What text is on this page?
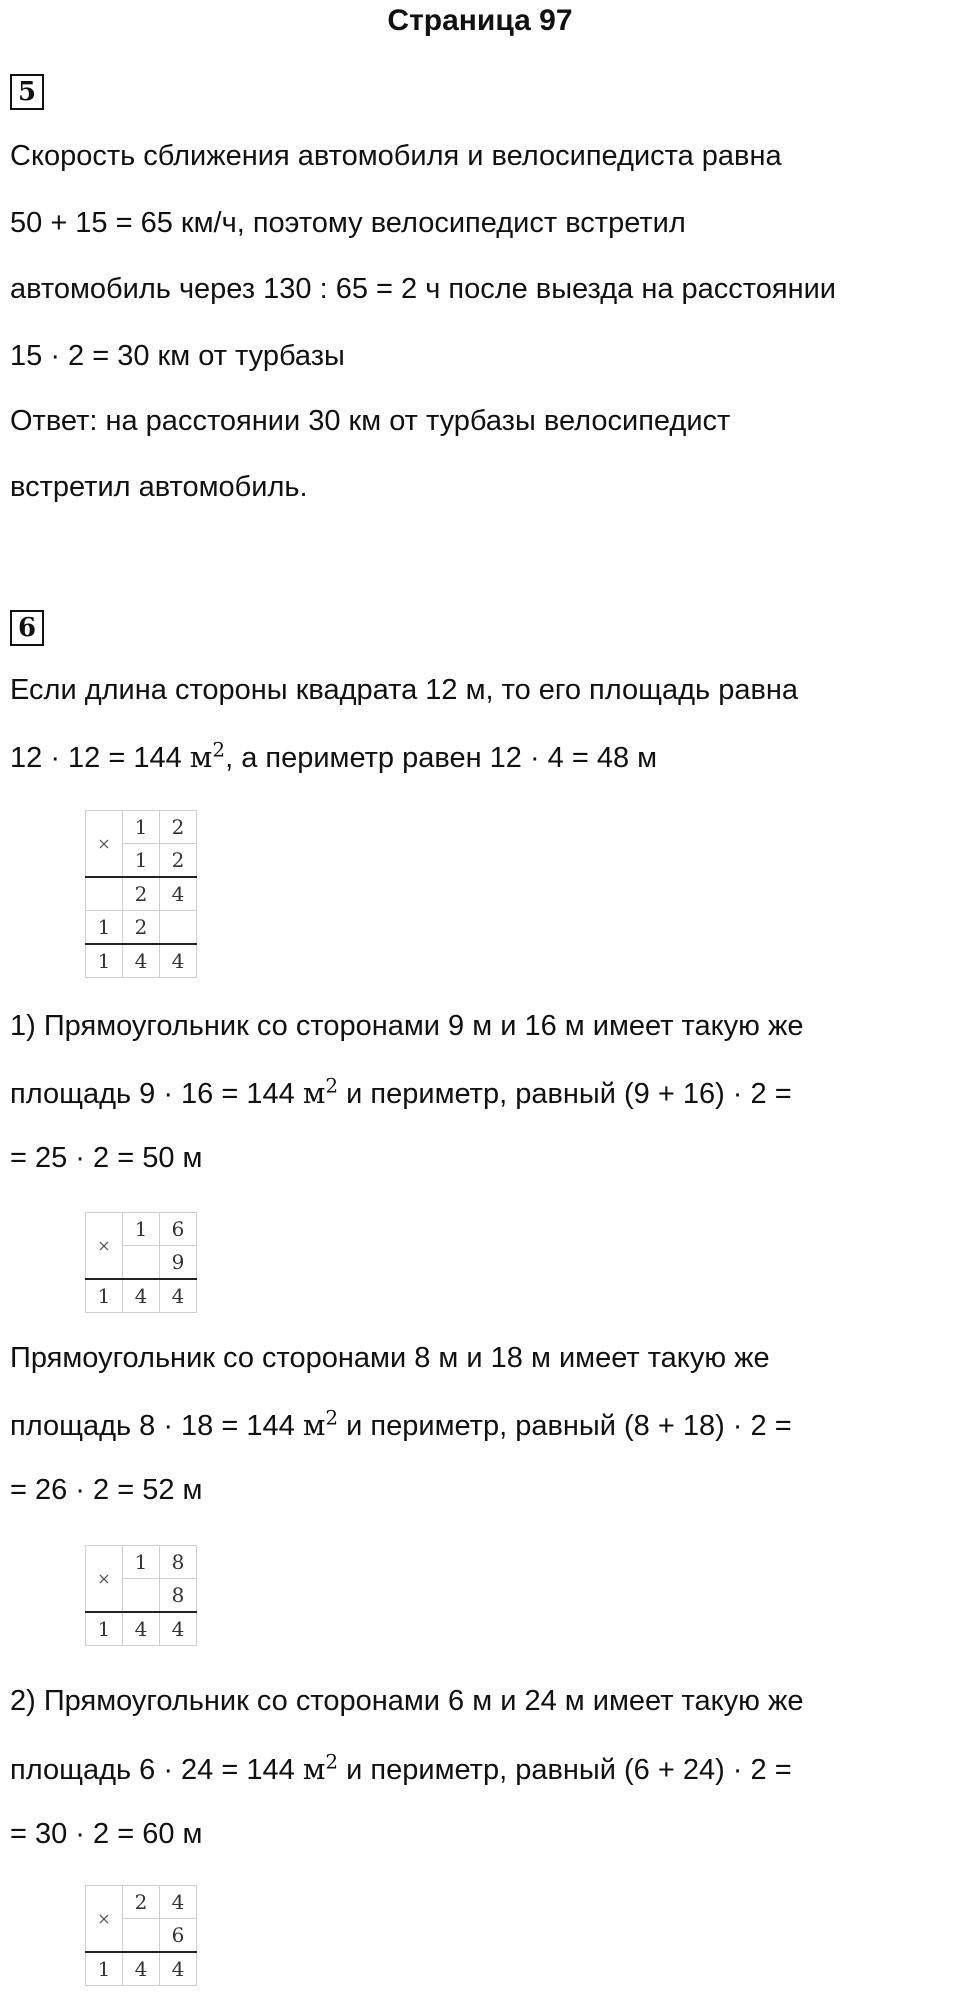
Страница 97
5
Скорость сближения автомобиля и велосипедиста равна
50 + 15 = 65 км/ч, поэтому велосипедист встретил
автомобиль через 130 : 65 = 2 ч после выезда на расстоянии
15 · 2 = 30 км от турбазы
Ответ: на расстоянии 30 км от турбазы велосипедист
встретил автомобиль.
6
Если длина стороны квадрата 12 м, то его площадь равна
12 · 12 = 144 $м^2$, а периметр равен 12 · 4 = 48 м
×	1	2
	1	2
	2	4
1	2	
1	4	4
1) Прямоугольник со сторонами 9 м и 16 м имеет такую же
площадь 9 · 16 = 144 $м^2$ и периметр, равный (9 + 16) · 2 =
= 25 · 2 = 50 м
×	1	6
		9
1	4	4
Прямоугольник со сторонами 8 м и 18 м имеет такую же
площадь 8 · 18 = 144 $м^2$ и периметр, равный (8 + 18) · 2 =
= 26 · 2 = 52 м
×	1	8
		8
1	4	4
2) Прямоугольник со сторонами 6 м и 24 м имеет такую же
площадь 6 · 24 = 144 $м^2$ и периметр, равный (6 + 24) · 2 =
= 30 · 2 = 60 м
×	2	4
		6
1	4	4
